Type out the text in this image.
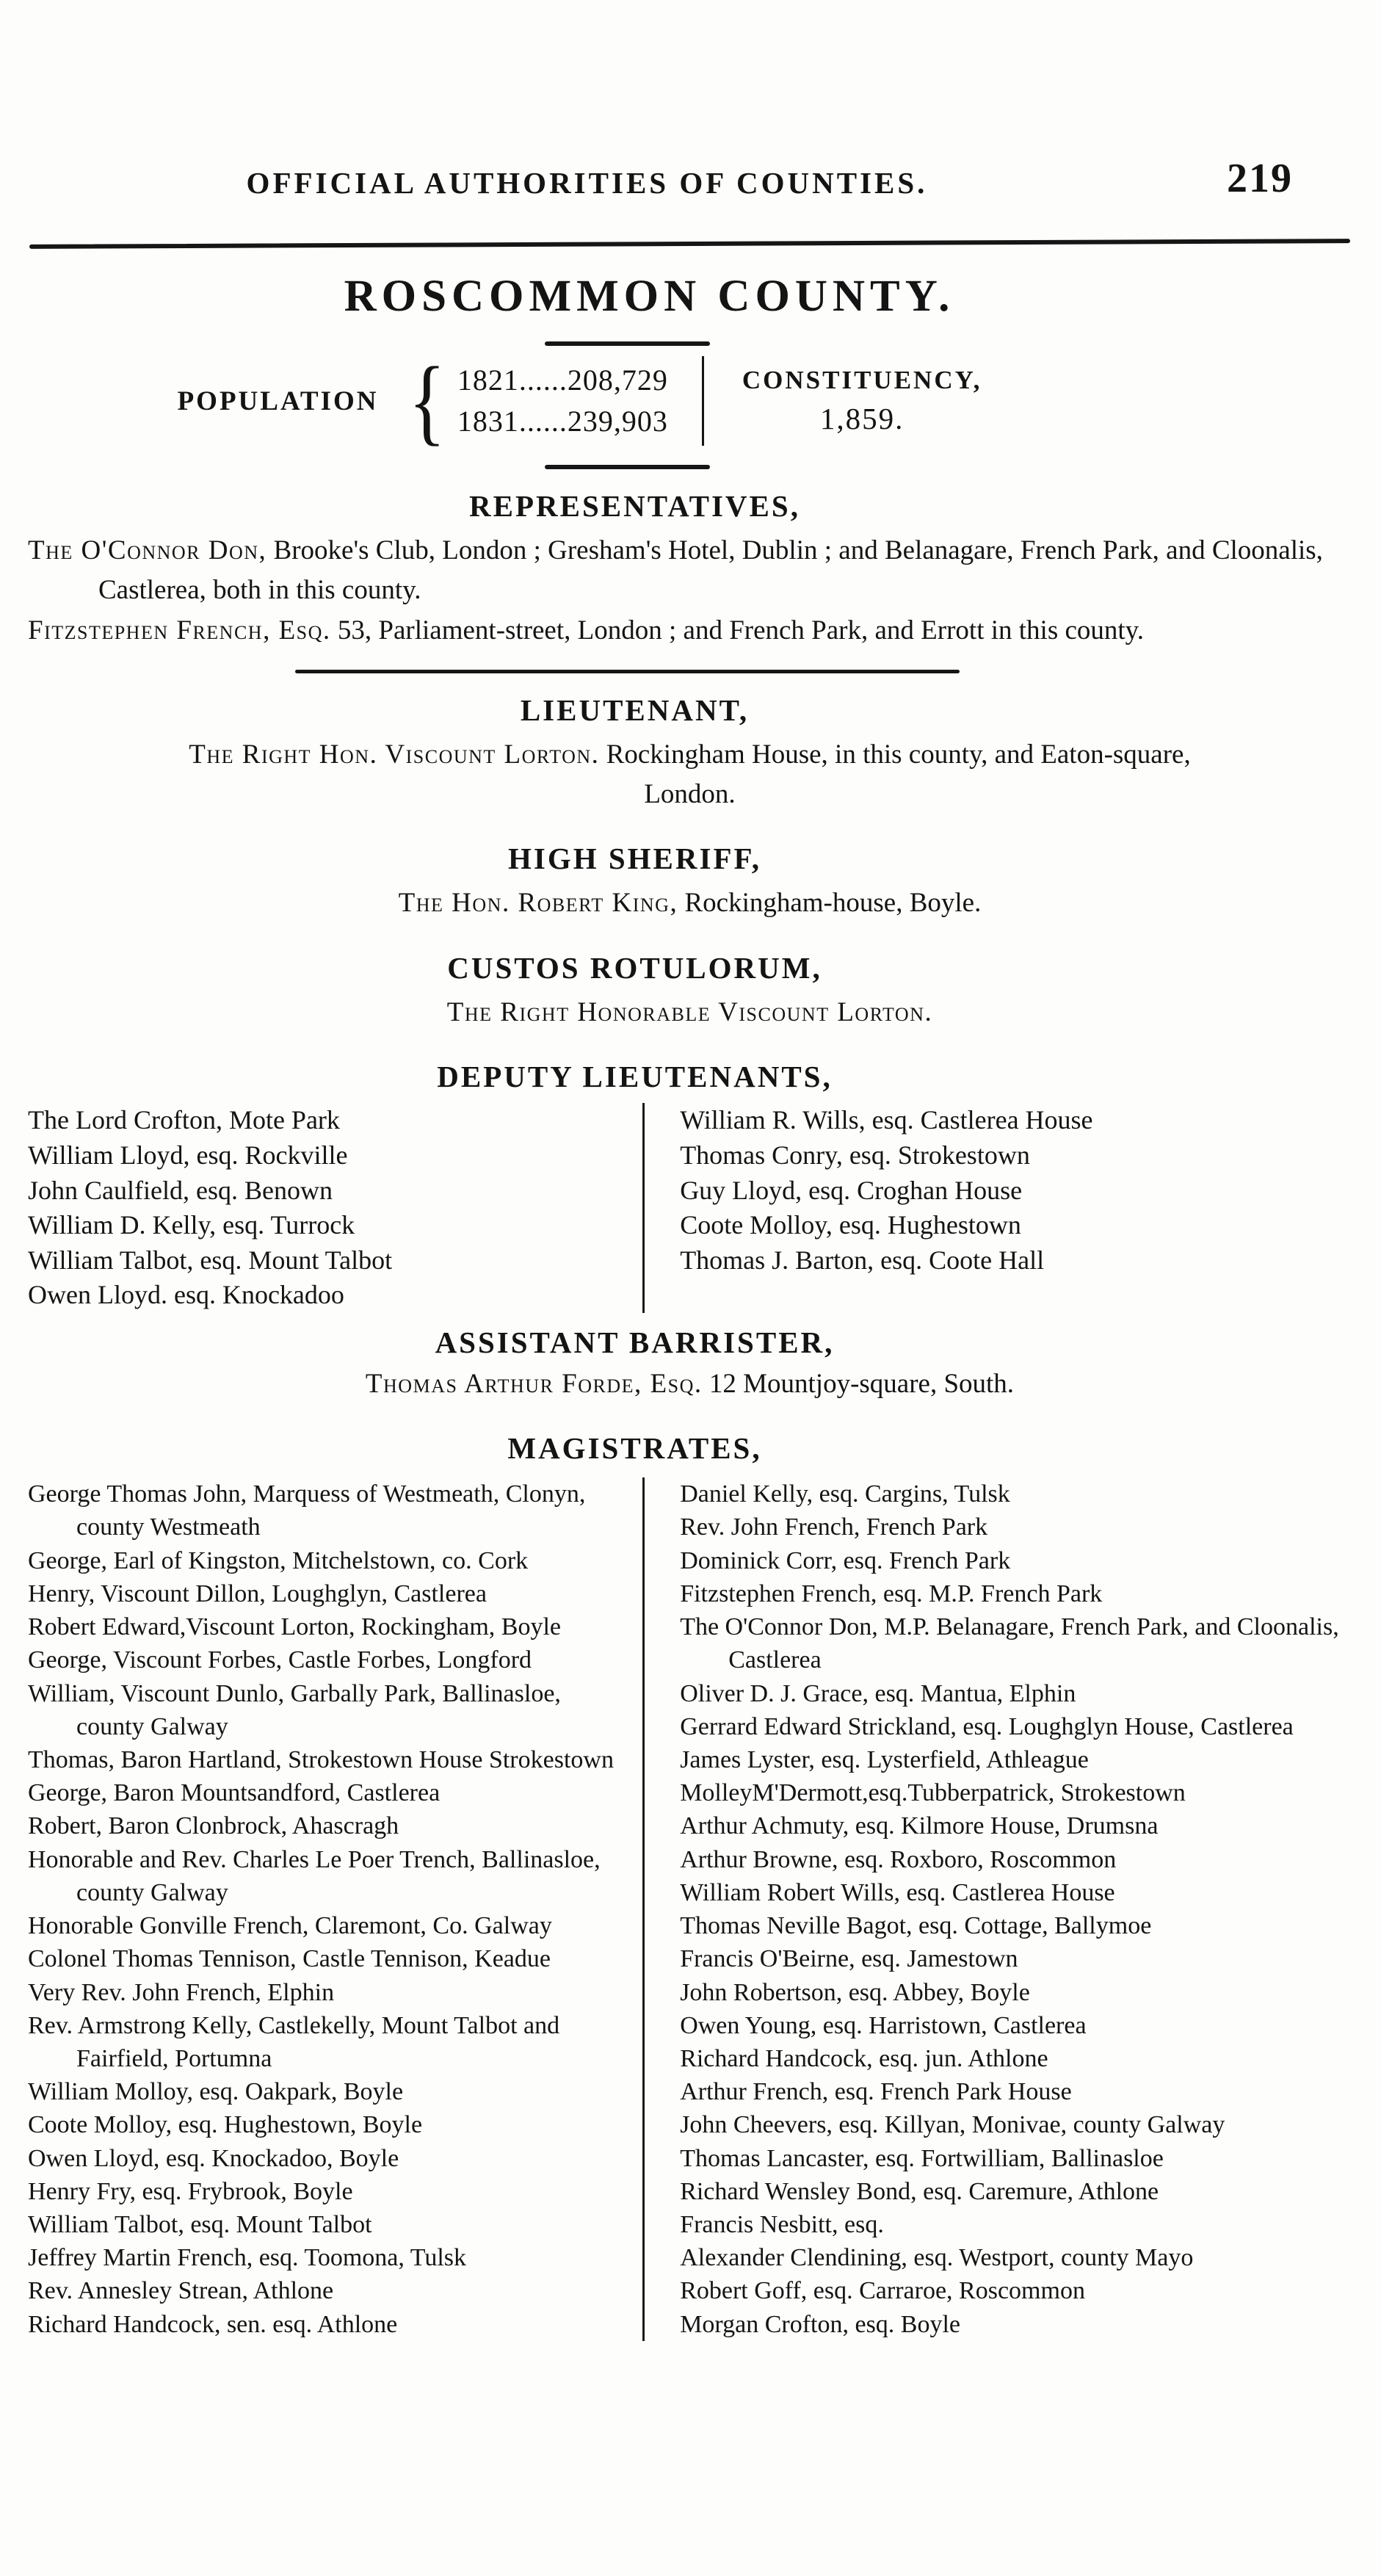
OFFICIAL AUTHORITIES OF COUNTIES.	219
ROSCOMMON COUNTY.
POPULATION { 1821......208,729
1831......239,903
CONSTITUENCY,
1,859.
REPRESENTATIVES,

The O'Connor Don, Brooke's Club, London ; Gresham's Hotel, Dublin ; and Belanagare, French Park, and Cloonalis, Castlerea, both in this county.

Fitzstephen French, Esq. 53, Parliament-street, London ; and French Park, and Errott in this county.

LIEUTENANT,

The Right Hon. Viscount Lorton. Rockingham House, in this county, and Eaton-square,
London.

HIGH SHERIFF,

The Hon. Robert King, Rockingham-house, Boyle.

CUSTOS ROTULORUM,

The Right Honorable Viscount Lorton.

DEPUTY LIEUTENANTS,
The Lord Crofton, Mote Park
William Lloyd, esq. Rockville
John Caulfield, esq. Benown
William D. Kelly, esq. Turrock
William Talbot, esq. Mount Talbot
Owen Lloyd. esq. Knockadoo
William R. Wills, esq. Castlerea House
Thomas Conry, esq. Strokestown
Guy Lloyd, esq. Croghan House
Coote Molloy, esq. Hughestown
Thomas J. Barton, esq. Coote Hall
ASSISTANT BARRISTER,

Thomas Arthur Forde, Esq. 12 Mountjoy-square, South.

MAGISTRATES,
George Thomas John, Marquess of Westmeath, Clonyn, county Westmeath
George, Earl of Kingston, Mitchelstown, co. Cork
Henry, Viscount Dillon, Loughglyn, Castlerea
Robert Edward,Viscount Lorton, Rockingham, Boyle
George, Viscount Forbes, Castle Forbes, Longford
William, Viscount Dunlo, Garbally Park, Ballinasloe, county Galway
Thomas, Baron Hartland, Strokestown House Strokestown
George, Baron Mountsandford, Castlerea
Robert, Baron Clonbrock, Ahascragh
Honorable and Rev. Charles Le Poer Trench, Ballinasloe, county Galway
Honorable Gonville French, Claremont, Co. Galway
Colonel Thomas Tennison, Castle Tennison, Keadue
Very Rev. John French, Elphin
Rev. Armstrong Kelly, Castlekelly, Mount Talbot and Fairfield, Portumna
William Molloy, esq. Oakpark, Boyle
Coote Molloy, esq. Hughestown, Boyle
Owen Lloyd, esq. Knockadoo, Boyle
Henry Fry, esq. Frybrook, Boyle
William Talbot, esq. Mount Talbot
Jeffrey Martin French, esq. Toomona, Tulsk
Rev. Annesley Strean, Athlone
Richard Handcock, sen. esq. Athlone
Daniel Kelly, esq. Cargins, Tulsk
Rev. John French, French Park
Dominick Corr, esq. French Park
Fitzstephen French, esq. M.P. French Park
The O'Connor Don, M.P. Belanagare, French Park, and Cloonalis, Castlerea
Oliver D. J. Grace, esq. Mantua, Elphin
Gerrard Edward Strickland, esq. Loughglyn House, Castlerea
James Lyster, esq. Lysterfield, Athleague
MolleyM'Dermott,esq.Tubberpatrick, Strokestown
Arthur Achmuty, esq. Kilmore House, Drumsna
Arthur Browne, esq. Roxboro, Roscommon
William Robert Wills, esq. Castlerea House
Thomas Neville Bagot, esq. Cottage, Ballymoe
Francis O'Beirne, esq. Jamestown
John Robertson, esq. Abbey, Boyle
Owen Young, esq. Harristown, Castlerea
Richard Handcock, esq. jun. Athlone
Arthur French, esq. French Park House
John Cheevers, esq. Killyan, Monivae, county Galway
Thomas Lancaster, esq. Fortwilliam, Ballinasloe
Richard Wensley Bond, esq. Caremure, Athlone
Francis Nesbitt, esq.
Alexander Clendining, esq. Westport, county Mayo
Robert Goff, esq. Carraroe, Roscommon
Morgan Crofton, esq. Boyle
